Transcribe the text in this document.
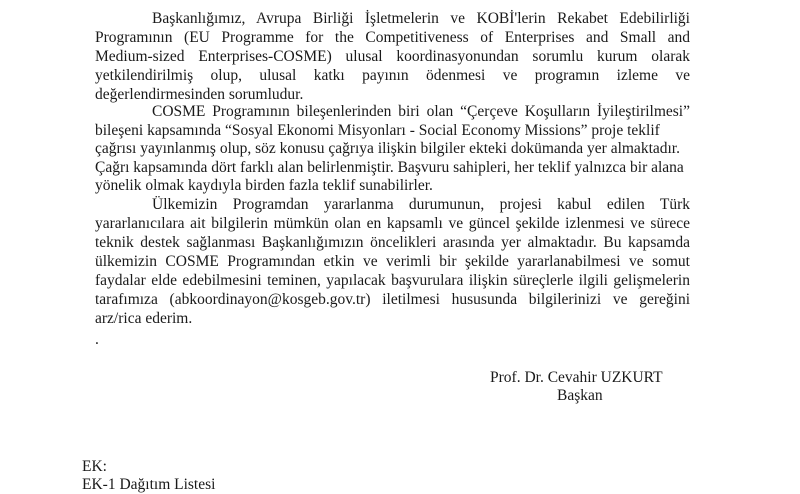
Başkanlığımız, Avrupa Birliği İşletmelerin ve KOBİ'lerin Rekabet Edebilirliği
Programının (EU Programme for the Competitiveness of Enterprises and Small and
Medium-sized Enterprises-COSME) ulusal koordinasyonundan sorumlu kurum olarak
yetkilendirilmiş olup, ulusal katkı payının ödenmesi ve programın izleme ve
değerlendirmesinden sorumludur.
COSME Programının bileşenlerinden biri olan “Çerçeve Koşulların İyileştirilmesi”
bileşeni kapsamında “Sosyal Ekonomi Misyonları - Social Economy Missions” proje teklif
çağrısı yayınlanmış olup, söz konusu çağrıya ilişkin bilgiler ekteki dokümanda yer almaktadır.
Çağrı kapsamında dört farklı alan belirlenmiştir. Başvuru sahipleri, her teklif yalnızca bir alana
yönelik olmak kaydıyla birden fazla teklif sunabilirler.
Ülkemizin Programdan yararlanma durumunun, projesi kabul edilen Türk
yararlanıcılara ait bilgilerin mümkün olan en kapsamlı ve güncel şekilde izlenmesi ve sürece
teknik destek sağlanması Başkanlığımızın öncelikleri arasında yer almaktadır. Bu kapsamda
ülkemizin COSME Programından etkin ve verimli bir şekilde yararlanabilmesi ve somut
faydalar elde edebilmesini teminen, yapılacak başvurulara ilişkin süreçlerle ilgili gelişmelerin
tarafımıza (abkoordinayon@kosgeb.gov.tr) iletilmesi hususunda bilgilerinizi ve gereğini
arz/rica ederim.
.
Prof. Dr. Cevahir UZKURT
Başkan
EK:
EK-1 Dağıtım Listesi
